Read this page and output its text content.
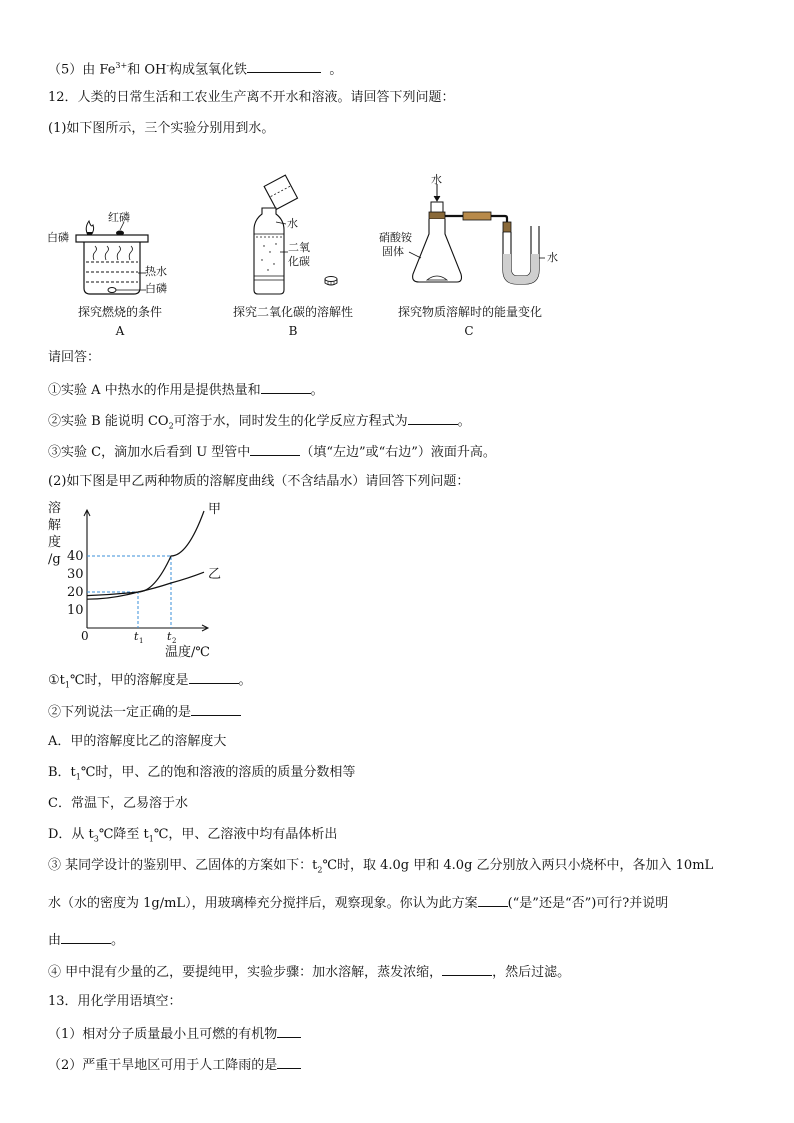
（5）由 $Fe^{3+}$和 OH-构成氢氧化铁	。
12．人类的日常生活和工农业生产离不开水和溶液。请回答下列问题：
(1)如下图所示，三个实验分别用到水。
白磷
红磷
热水
白磷
探究燃烧的条件
A
水
二氧
化碳
探究二氧化碳的溶解性
B
水
硝酸铵
固体	水
探究物质溶解时的能量变化
C
请回答：
①实验 A 中热水的作用是提供热量和	。
②实验 B 能说明 $CO_2$可溶于水，同时发生的化学反应方程式为	。
③实验 C，滴加水后看到 U 型管中	（填“左边”或“右边”）液面升高。
(2)如下图是甲乙两种物质的溶解度曲线（不含结晶水）请回答下列问题：
溶
解
度
/g 40
30
20
10
0	t 1 t 2
温度/℃
甲
乙
$①t_1℃$时，甲的溶解度是	。
②下列说法一定正确的是
A．甲的溶解度比乙的溶解度大
B．$t_1℃$时，甲、乙的饱和溶液的溶质的质量分数相等
C．常温下，乙易溶于水
D．从 $t_3℃$降至 $t_1℃$，甲、乙溶液中均有晶体析出
③ 某同学设计的鉴别甲、乙固体的方案如下：$t_2℃$时，取 4.0g 甲和 4.0g 乙分别放入两只小烧杯中，各加入 10mL
水（水的密度为 1g/mL），用玻璃棒充分搅拌后，观察现象。你认为此方案 (“是”还是“否”)可行?并说明
由	。
④ 甲中混有少量的乙，要提纯甲，实验步骤：加水溶解，蒸发浓缩，	，然后过滤。
13．用化学用语填空：
（1）相对分子质量最小且可燃的有机物
（2）严重干旱地区可用于人工降雨的是
